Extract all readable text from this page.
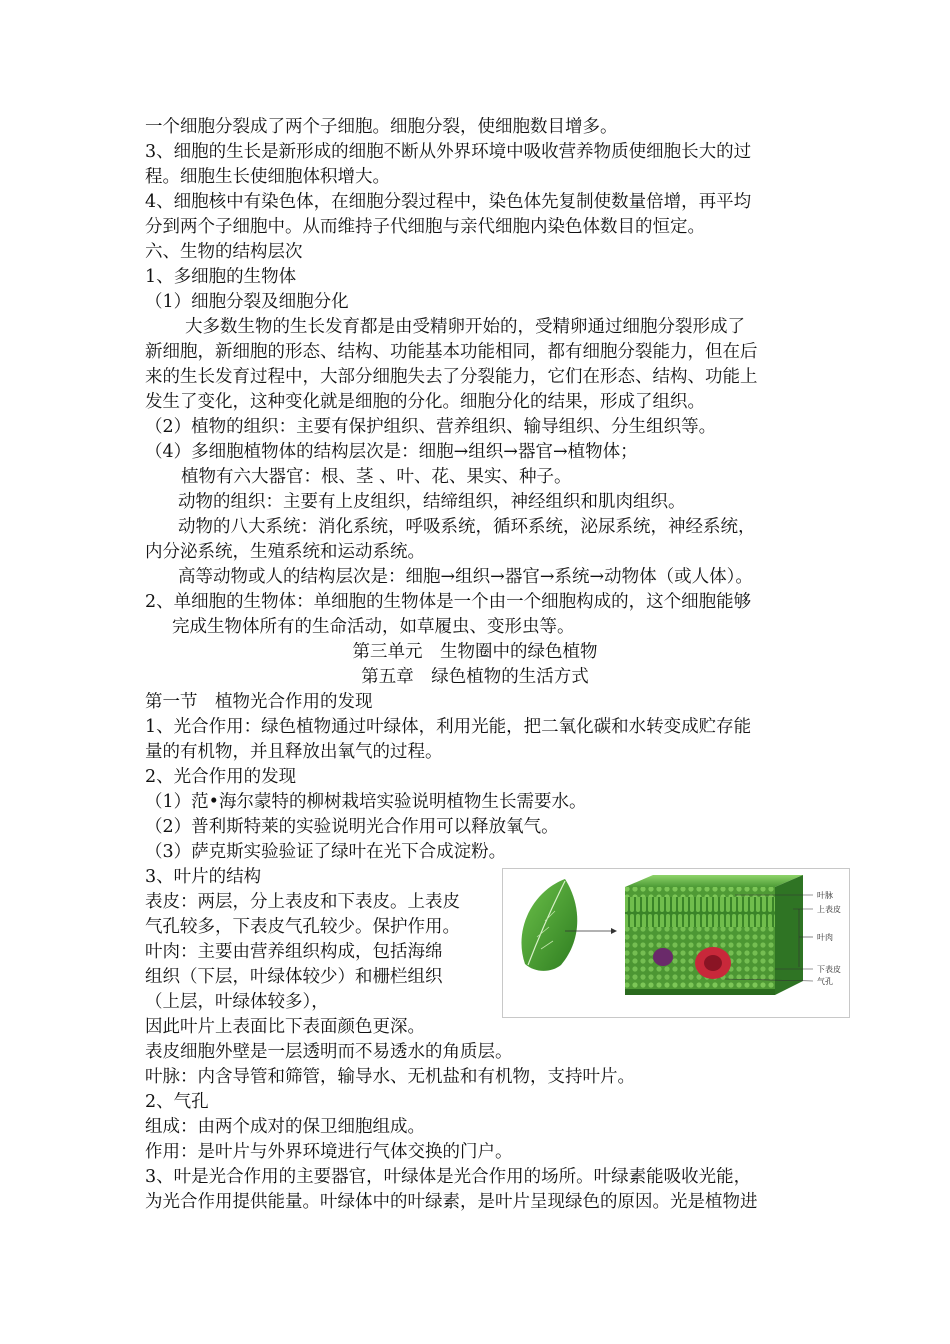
一个细胞分裂成了两个子细胞。细胞分裂，使细胞数目增多。
3、细胞的生长是新形成的细胞不断从外界环境中吸收营养物质使细胞长大的过
程。细胞生长使细胞体积增大。
4、细胞核中有染色体，在细胞分裂过程中，染色体先复制使数量倍增，再平均
分到两个子细胞中。从而维持子代细胞与亲代细胞内染色体数目的恒定。
六、生物的结构层次
1、多细胞的生物体
（1）细胞分裂及细胞分化
大多数生物的生长发育都是由受精卵开始的，受精卵通过细胞分裂形成了
新细胞，新细胞的形态、结构、功能基本功能相同，都有细胞分裂能力，但在后
来的生长发育过程中，大部分细胞失去了分裂能力，它们在形态、结构、功能上
发生了变化，这种变化就是细胞的分化。细胞分化的结果，形成了组织。
（2）植物的组织：主要有保护组织、营养组织、输导组织、分生组织等。
（4）多细胞植物体的结构层次是：细胞→组织→器官→植物体；
植物有六大器官：根、茎 、叶、花、果实、种子。
动物的组织：主要有上皮组织，结缔组织，神经组织和肌肉组织。
动物的八大系统：消化系统，呼吸系统，循环系统，泌尿系统，神经系统，
内分泌系统，生殖系统和运动系统。
高等动物或人的结构层次是：细胞→组织→器官→系统→动物体（或人体）。
2、单细胞的生物体：单细胞的生物体是一个由一个细胞构成的，这个细胞能够
完成生物体所有的生命活动，如草履虫、变形虫等。
第三单元　生物圈中的绿色植物
第五章　绿色植物的生活方式
第一节　植物光合作用的发现
1、光合作用：绿色植物通过叶绿体，利用光能，把二氧化碳和水转变成贮存能
量的有机物，并且释放出氧气的过程。
2、光合作用的发现
（1）范•海尔蒙特的柳树栽培实验说明植物生长需要水。
（2）普利斯特莱的实验说明光合作用可以释放氧气。
（3）萨克斯实验验证了绿叶在光下合成淀粉。
3、叶片的结构
表皮：两层，分上表皮和下表皮。上表皮
气孔较多，下表皮气孔较少。保护作用。
叶肉：主要由营养组织构成，包括海绵
组织（下层，叶绿体较少）和栅栏组织
（上层，叶绿体较多），
因此叶片上表面比下表面颜色更深。
表皮细胞外壁是一层透明而不易透水的角质层。
叶脉：内含导管和筛管，输导水、无机盐和有机物，支持叶片。
2、气孔
组成：由两个成对的保卫细胞组成。
作用：是叶片与外界环境进行气体交换的门户。
3、叶是光合作用的主要器官，叶绿体是光合作用的场所。叶绿素能吸收光能，
为光合作用提供能量。叶绿体中的叶绿素，是叶片呈现绿色的原因。光是植物进
叶脉
上表皮
叶肉
下表皮
气孔
